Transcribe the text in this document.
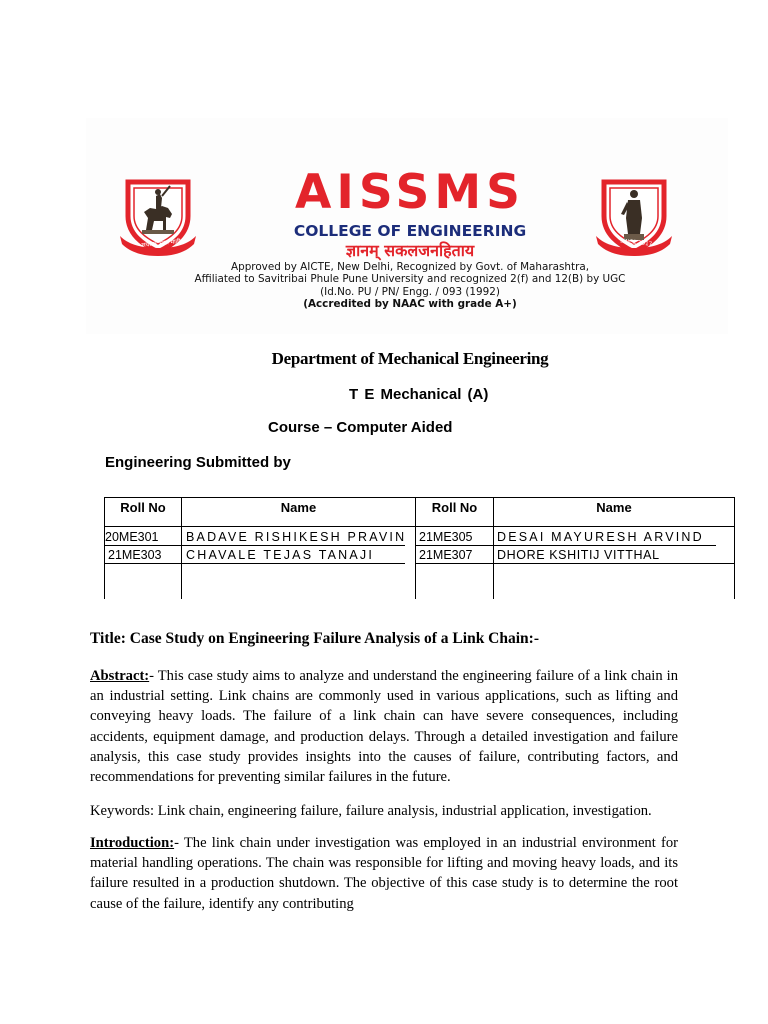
सचलत भरत माही	SINCE 1917
AISSMS
COLLEGE OF ENGINEERING
ज्ञानम् सकलजनहिताय
Approved by AICTE, New Delhi, Recognized by Govt. of Maharashtra,
Affiliated to Savitribai Phule Pune University and recognized 2(f) and 12(B) by UGC
(Id.No. PU / PN/ Engg. / 093 (1992)
(Accredited by NAAC with grade A+)
Department of Mechanical Engineering
T E Mechanical (A)
Course – Computer Aided
Engineering Submitted by
Roll No	Name	Roll No	Name
20ME301 BADAVE RISHIKESH PRAVIN 21ME305 DESAI MAYURESH ARVIND
21ME303 CHAVALE TEJAS TANAJI	21ME307 DHORE KSHITIJ VITTHAL
Title: Case Study on Engineering Failure Analysis of a Link Chain:-

Abstract:- This case study aims to analyze and understand the engineering failure of a link chain in an industrial setting. Link chains are commonly used in various applications, such as lifting and conveying heavy loads. The failure of a link chain can have severe consequences, including accidents, equipment damage, and production delays. Through a detailed investigation and failure analysis, this case study provides insights into the causes of failure, contributing factors, and recommendations for preventing similar failures in the future.

Keywords: Link chain, engineering failure, failure analysis, industrial application, investigation.

Introduction:- The link chain under investigation was employed in an industrial environment for material handling operations. The chain was responsible for lifting and moving heavy loads, and its failure resulted in a production shutdown. The objective of this case study is to determine the root cause of the failure, identify any contributing
